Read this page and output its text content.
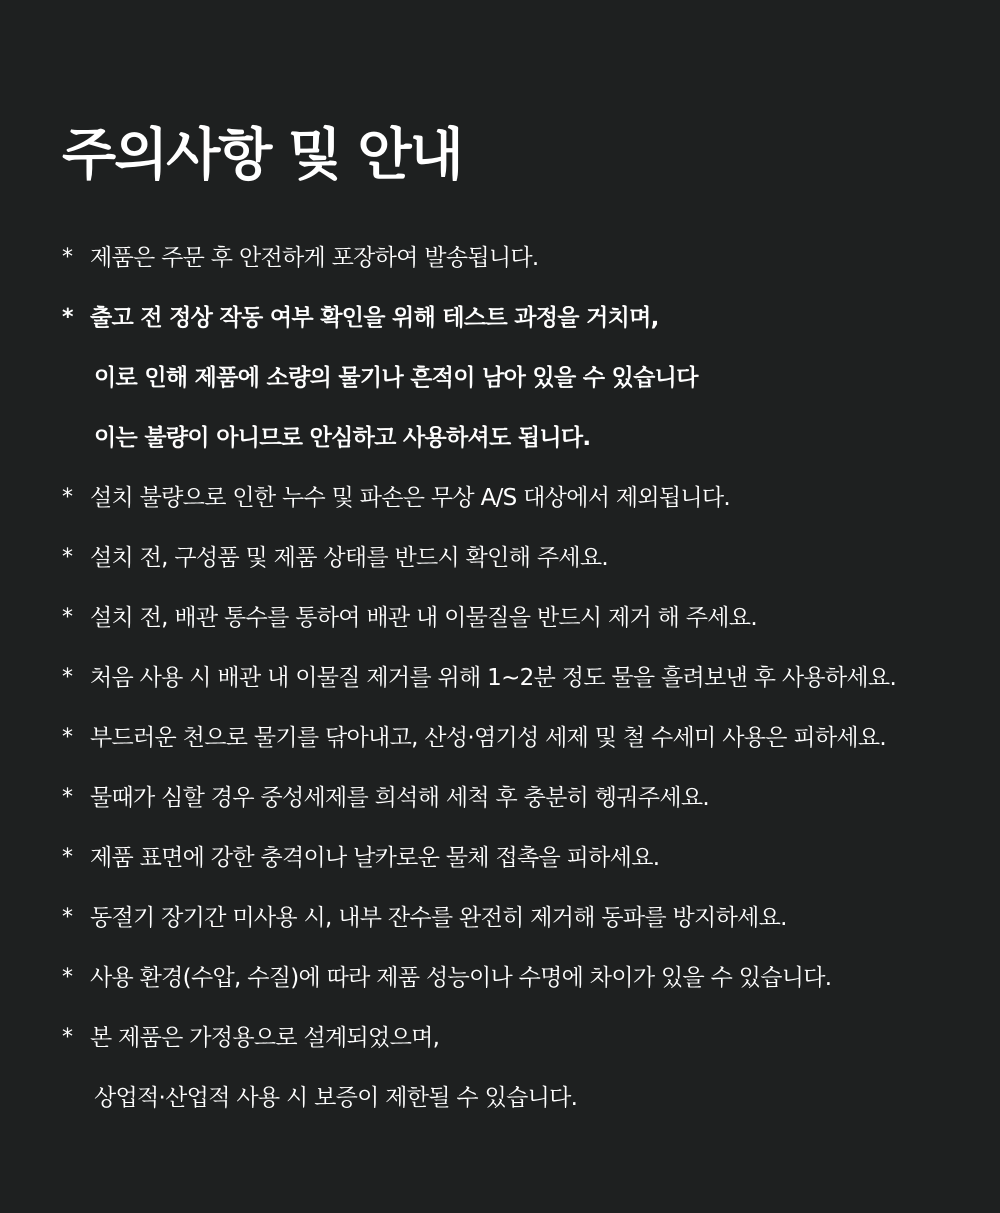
주의사항 및 안내
* 제품은 주문 후 안전하게 포장하여 발송됩니다.
* 출고 전 정상 작동 여부 확인을 위해 테스트 과정을 거치며,
이로 인해 제품에 소량의 물기나 흔적이 남아 있을 수 있습니다
이는 불량이 아니므로 안심하고 사용하셔도 됩니다.
* 설치 불량으로 인한 누수 및 파손은 무상 A/S 대상에서 제외됩니다.
* 설치 전, 구성품 및 제품 상태를 반드시 확인해 주세요.
* 설치 전, 배관 통수를 통하여 배관 내 이물질을 반드시 제거 해 주세요.
* 처음 사용 시 배관 내 이물질 제거를 위해 1~2분 정도 물을 흘려보낸 후 사용하세요.
* 부드러운 천으로 물기를 닦아내고, 산성·염기성 세제 및 철 수세미 사용은 피하세요.
* 물때가 심할 경우 중성세제를 희석해 세척 후 충분히 헹궈주세요.
* 제품 표면에 강한 충격이나 날카로운 물체 접촉을 피하세요.
* 동절기 장기간 미사용 시, 내부 잔수를 완전히 제거해 동파를 방지하세요.
* 사용 환경(수압, 수질)에 따라 제품 성능이나 수명에 차이가 있을 수 있습니다.
* 본 제품은 가정용으로 설계되었으며,
상업적·산업적 사용 시 보증이 제한될 수 있습니다.
